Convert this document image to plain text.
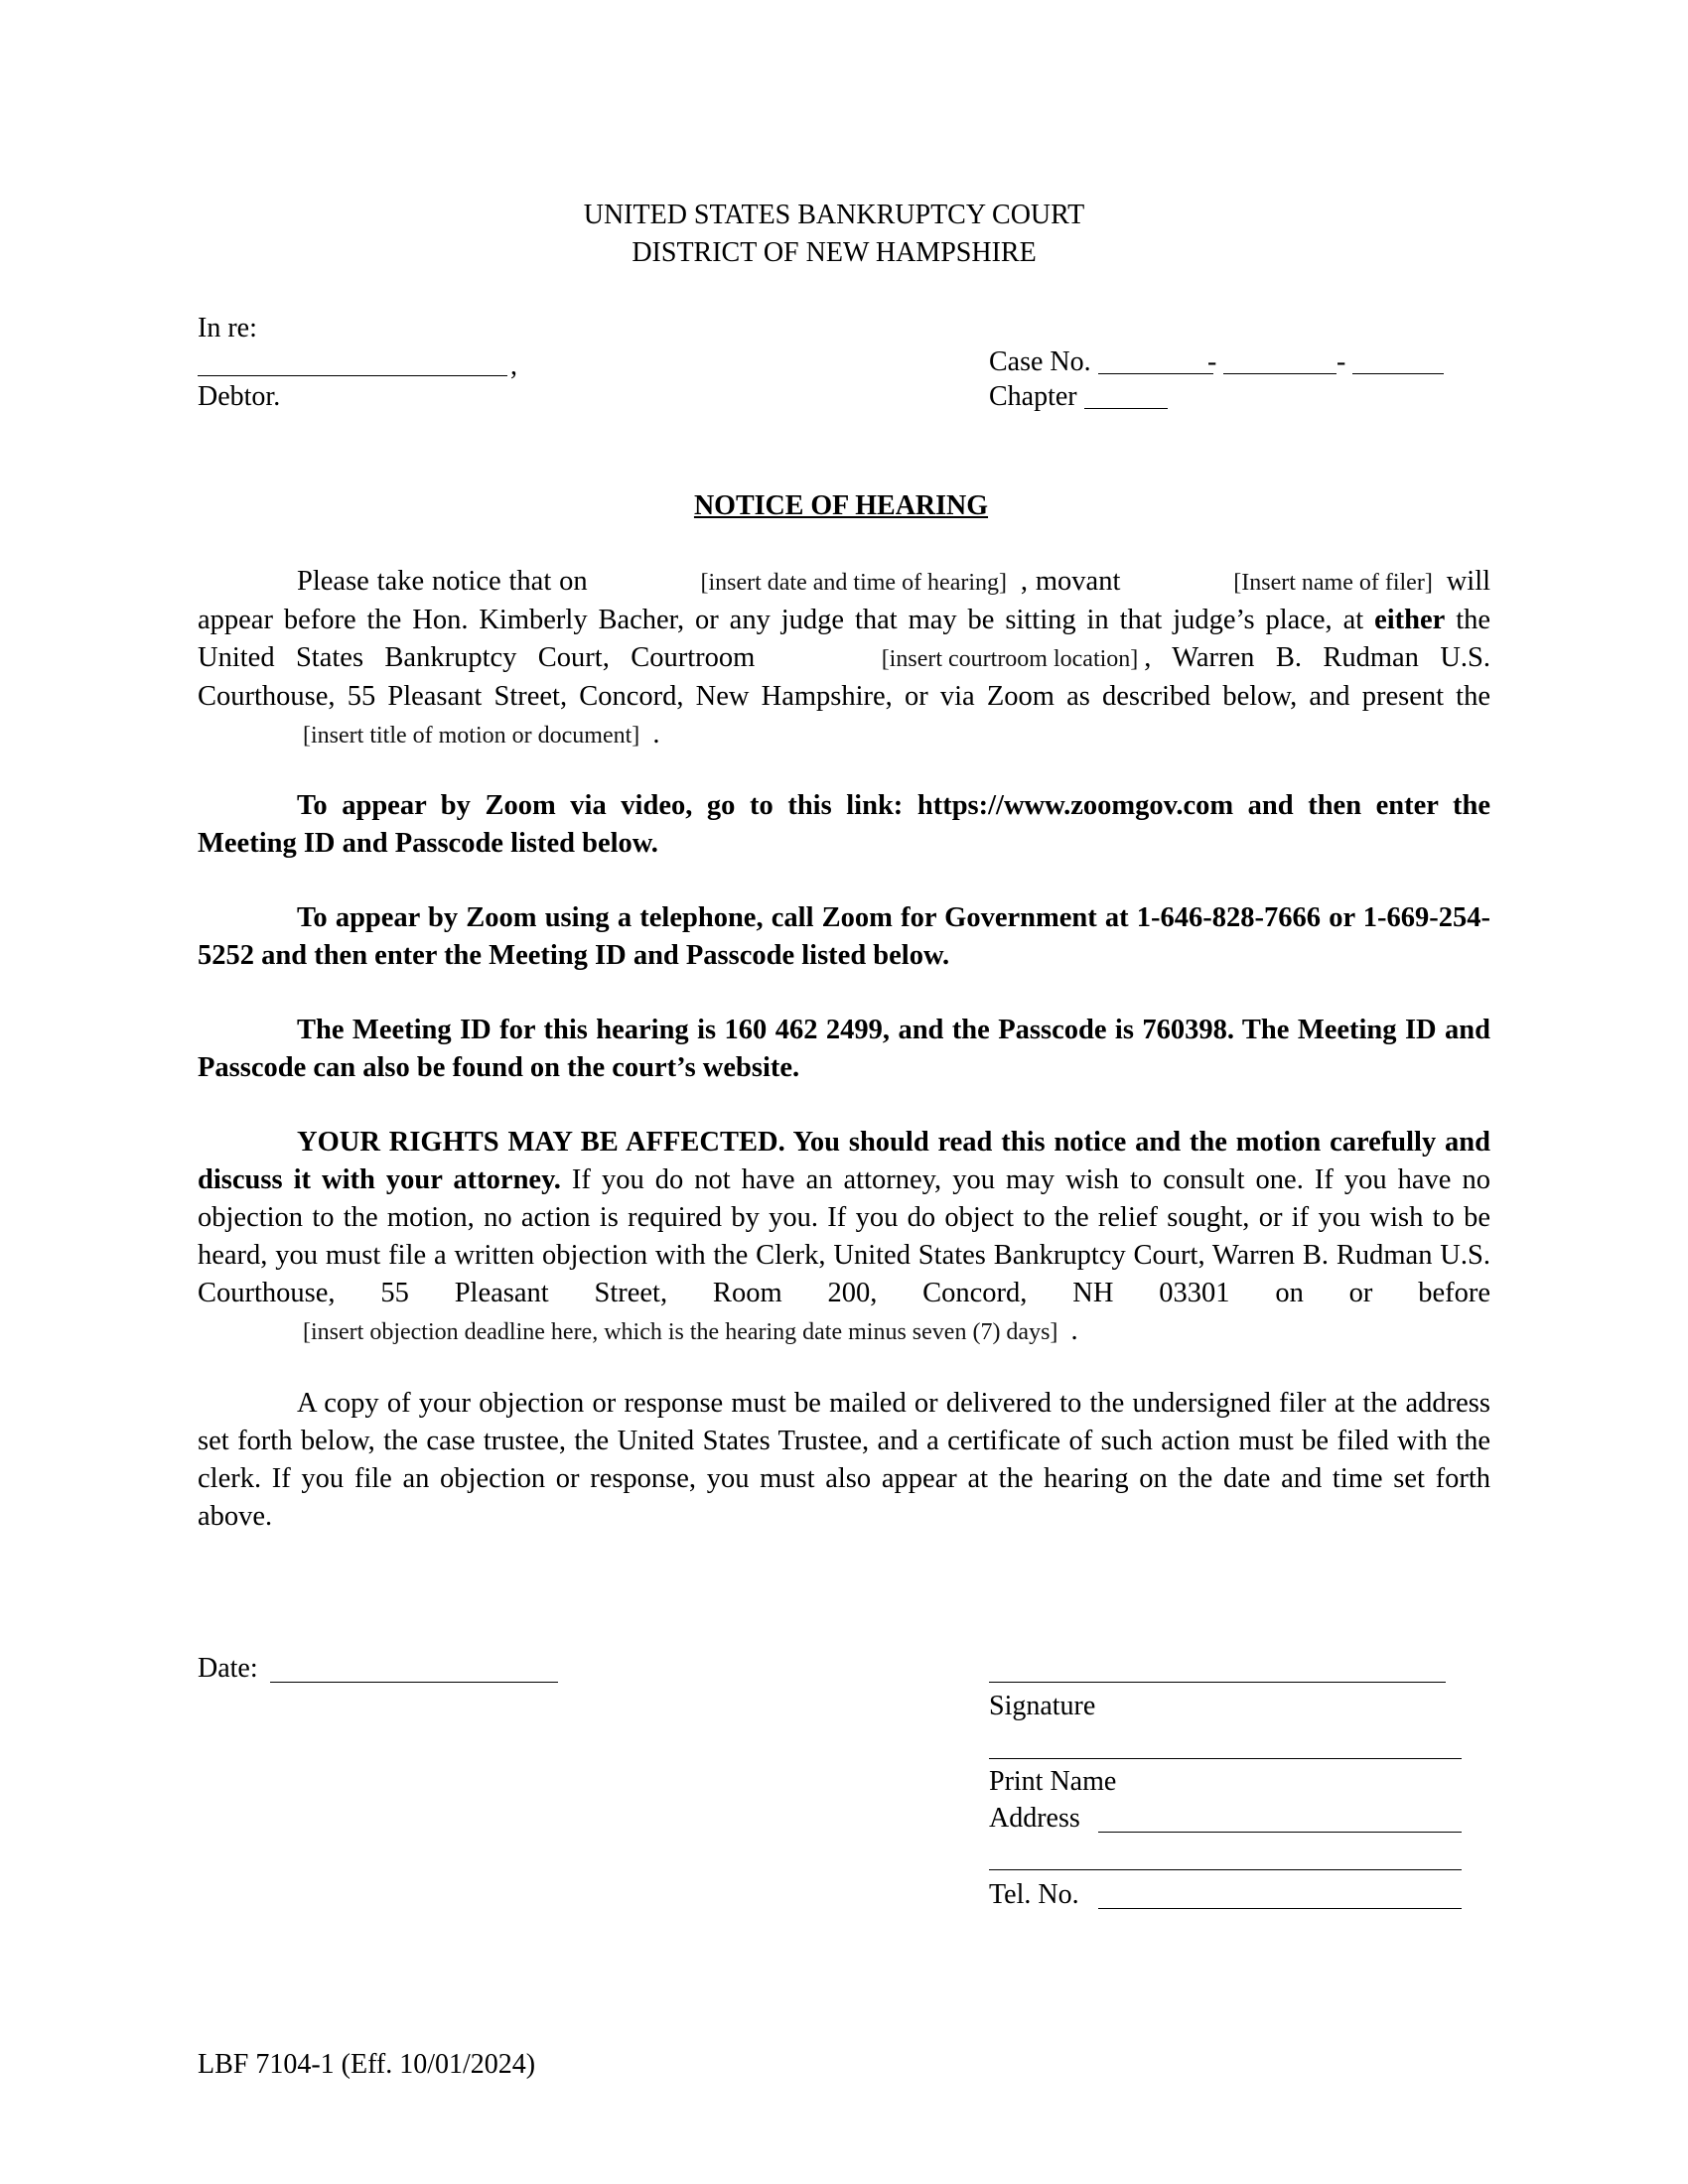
UNITED STATES BANKRUPTCY COURT
DISTRICT OF NEW HAMPSHIRE
In re:
,
Debtor.
Case No.	-	-
Chapter
NOTICE OF HEARING
Please take notice that on	[insert date and time of hearing] , movant	[Insert name of filer] will appear before the Hon. Kimberly Bacher, or any judge that may be sitting in that judge’s place, at either the United States Bankruptcy Court, Courtroom	[insert courtroom location] , Warren B. Rudman U.S. Courthouse, 55 Pleasant Street, Concord, New Hampshire, or via Zoom as described below, and present the [insert title of motion or document] .
To appear by Zoom via video, go to this link: https://www.zoomgov.com and then enter the Meeting ID and Passcode listed below.
To appear by Zoom using a telephone, call Zoom for Government at 1-646-828-7666 or 1-669-254-5252 and then enter the Meeting ID and Passcode listed below.
The Meeting ID for this hearing is 160 462 2499, and the Passcode is 760398. The Meeting ID and Passcode can also be found on the court’s website.
YOUR RIGHTS MAY BE AFFECTED. You should read this notice and the motion carefully and discuss it with your attorney. If you do not have an attorney, you may wish to consult one. If you have no objection to the motion, no action is required by you. If you do object to the relief sought, or if you wish to be heard, you must file a written objection with the Clerk, United States Bankruptcy Court, Warren B. Rudman U.S. Courthouse, 55 Pleasant Street, Room 200, Concord, NH 03301 on or before [insert objection deadline here, which is the hearing date minus seven (7) days] .
A copy of your objection or response must be mailed or delivered to the undersigned filer at the address set forth below, the case trustee, the United States Trustee, and a certificate of such action must be filed with the clerk. If you file an objection or response, you must also appear at the hearing on the date and time set forth above.
Date:
Signature
Print Name
Address
Tel. No.
LBF 7104-1 (Eff. 10/01/2024)
